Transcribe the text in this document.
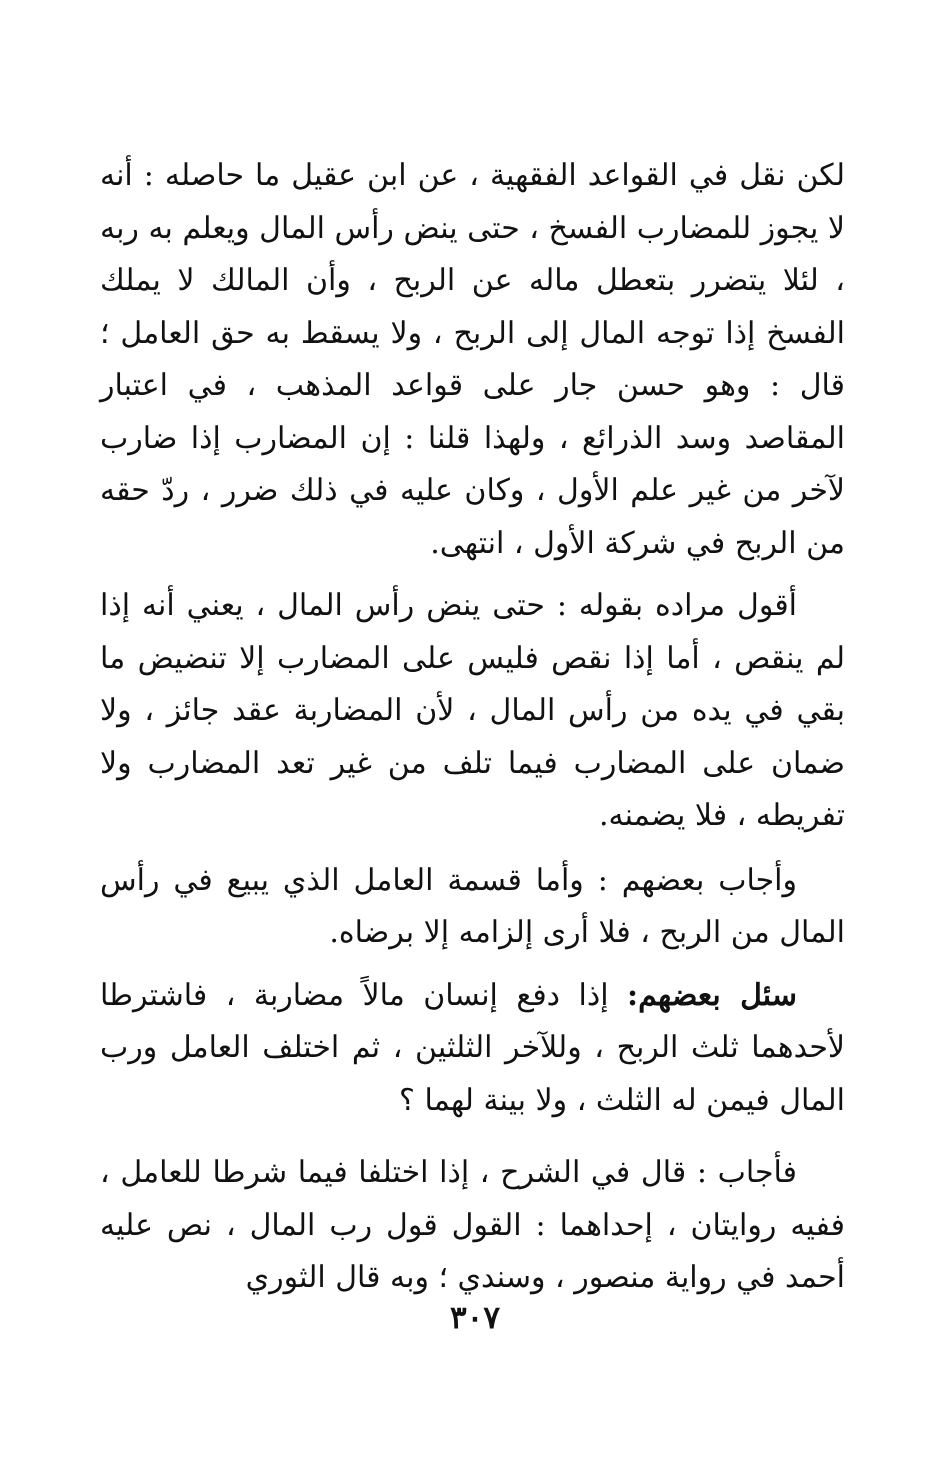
لكن نقل في القواعد الفقهية ، عن ابن عقيل ما حاصله : أنه لا يجوز للمضارب الفسخ ، حتى ينض رأس المال ويعلم به ربه ، لئلا يتضرر بتعطل ماله عن الربح ، وأن المالك لا يملك الفسخ إذا توجه المال إلى الربح ، ولا يسقط به حق العامل ؛ قال : وهو حسن جار على قواعد المذهب ، في اعتبار المقاصد وسد الذرائع ، ولهذا قلنا : إن المضارب إذا ضارب لآخر من غير علم الأول ، وكان عليه في ذلك ضرر ، ردّ حقه من الربح في شركة الأول ، انتهى.

أقول مراده بقوله : حتى ينض رأس المال ، يعني أنه إذا لم ينقص ، أما إذا نقص فليس على المضارب إلا تنضيض ما بقي في يده من رأس المال ، لأن المضاربة عقد جائز ، ولا ضمان على المضارب فيما تلف من غير تعد المضارب ولا تفريطه ، فلا يضمنه.

وأجاب بعضهم : وأما قسمة العامل الذي يبيع في رأس المال من الربح ، فلا أرى إلزامه إلا برضاه.

سئل بعضهم: إذا دفع إنسان مالاً مضاربة ، فاشترطا لأحدهما ثلث الربح ، وللآخر الثلثين ، ثم اختلف العامل ورب المال فيمن له الثلث ، ولا بينة لهما ؟

فأجاب : قال في الشرح ، إذا اختلفا فيما شرطا للعامل ، ففيه روايتان ، إحداهما : القول قول رب المال ، نص عليه أحمد في رواية منصور ، وسندي ؛ وبه قال الثوري

٣٠٧
